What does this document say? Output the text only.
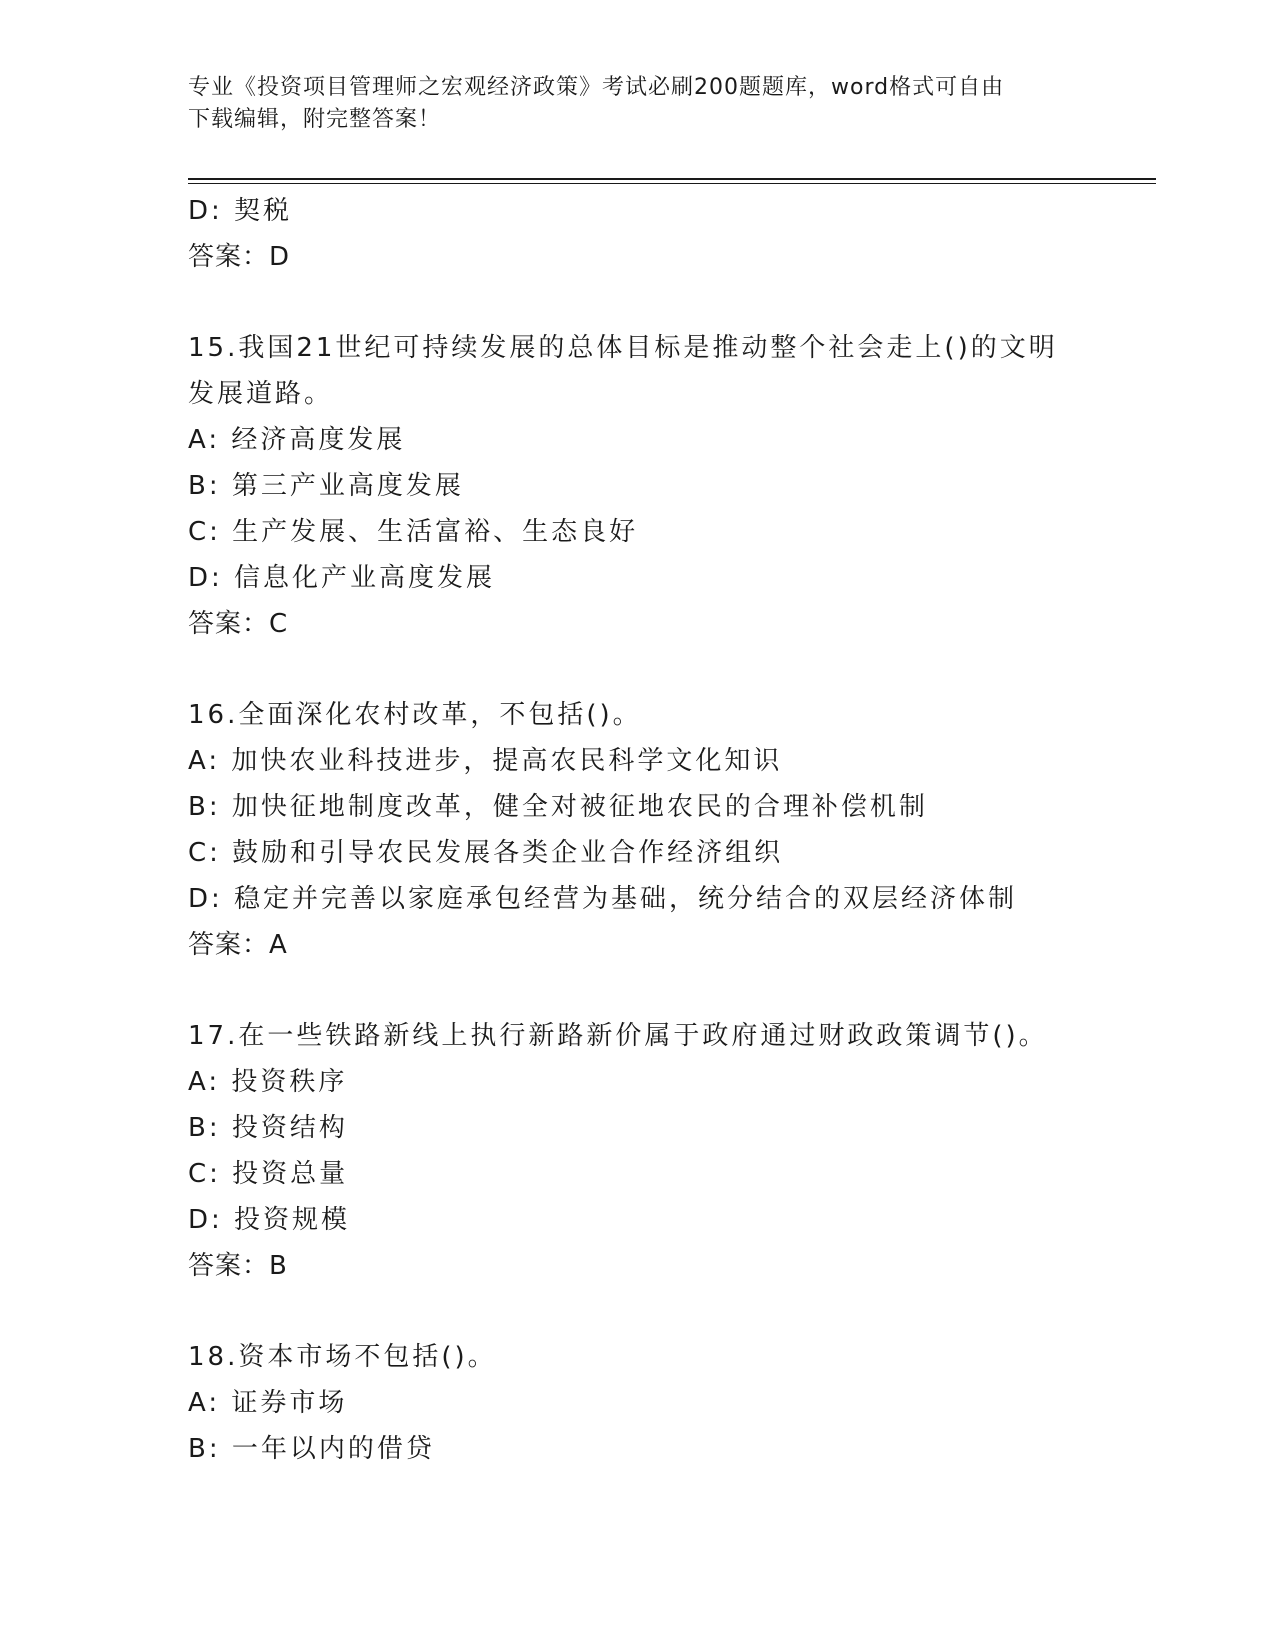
专业《投资项目管理师之宏观经济政策》考试必刷200题题库，word格式可自由
下载编辑，附完整答案！
D: 契税
答案：D
15.我国21世纪可持续发展的总体目标是推动整个社会走上()的文明
发展道路。
A: 经济高度发展
B: 第三产业高度发展
C: 生产发展、生活富裕、生态良好
D: 信息化产业高度发展
答案：C
16.全面深化农村改革，不包括()。
A: 加快农业科技进步，提高农民科学文化知识
B: 加快征地制度改革，健全对被征地农民的合理补偿机制
C: 鼓励和引导农民发展各类企业合作经济组织
D: 稳定并完善以家庭承包经营为基础，统分结合的双层经济体制
答案：A
17.在一些铁路新线上执行新路新价属于政府通过财政政策调节()。
A: 投资秩序
B: 投资结构
C: 投资总量
D: 投资规模
答案：B
18.资本市场不包括()。
A: 证券市场
B: 一年以内的借贷
